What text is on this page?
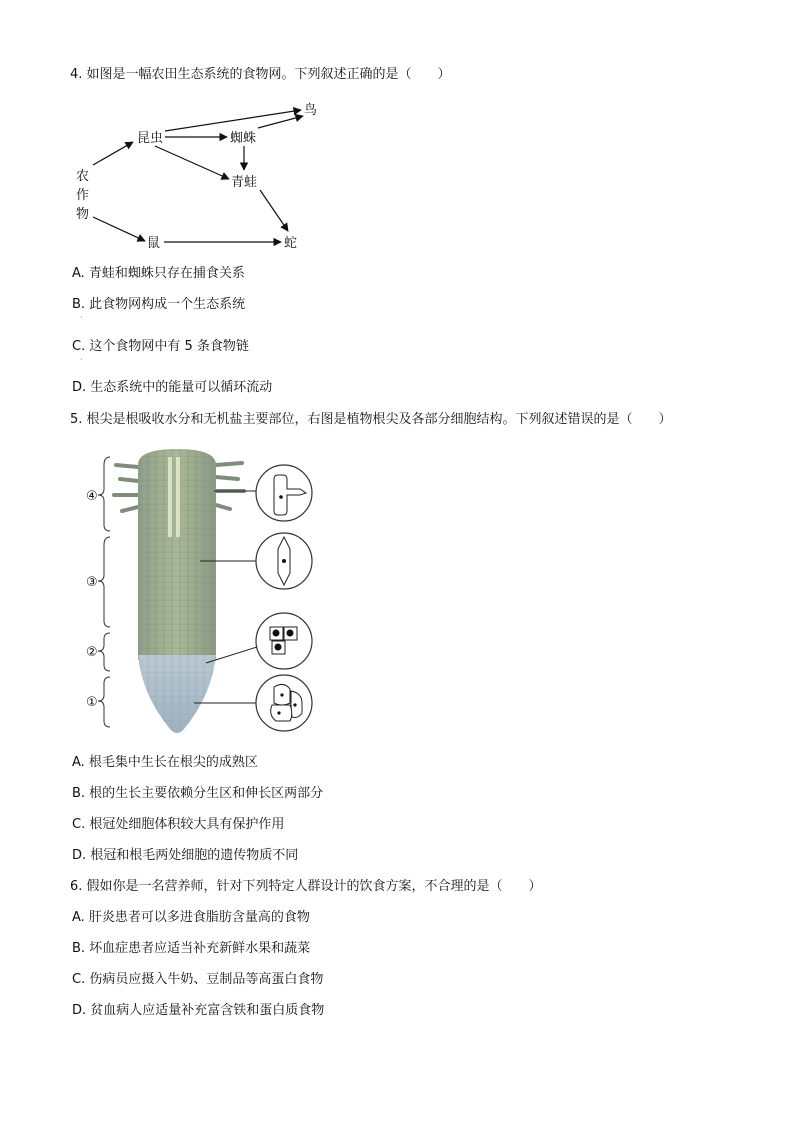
4. 如图是一幅农田生态系统的食物网。下列叙述正确的是（　　）
农
作
物
昆虫	蜘蛛
鸟
青蛙
鼠	蛇
A. 青蛙和蜘蛛只存在捕食关系
B. 此食物网构成一个生态系统
·
C. 这个食物网中有 5 条食物链
·
D. 生态系统中的能量可以循环流动
5. 根尖是根吸收水分和无机盐主要部位，右图是植物根尖及各部分细胞结构。下列叙述错误的是（　　）
④
③
②
①
A. 根毛集中生长在根尖的成熟区
B. 根的生长主要依赖分生区和伸长区两部分
C. 根冠处细胞体积较大具有保护作用
D. 根冠和根毛两处细胞的遗传物质不同
6. 假如你是一名营养师，针对下列特定人群设计的饮食方案，不合理的是（　　）
A. 肝炎患者可以多进食脂肪含量高的食物
B. 坏血症患者应适当补充新鲜水果和蔬菜
C. 伤病员应摄入牛奶、豆制品等高蛋白食物
D. 贫血病人应适量补充富含铁和蛋白质食物
